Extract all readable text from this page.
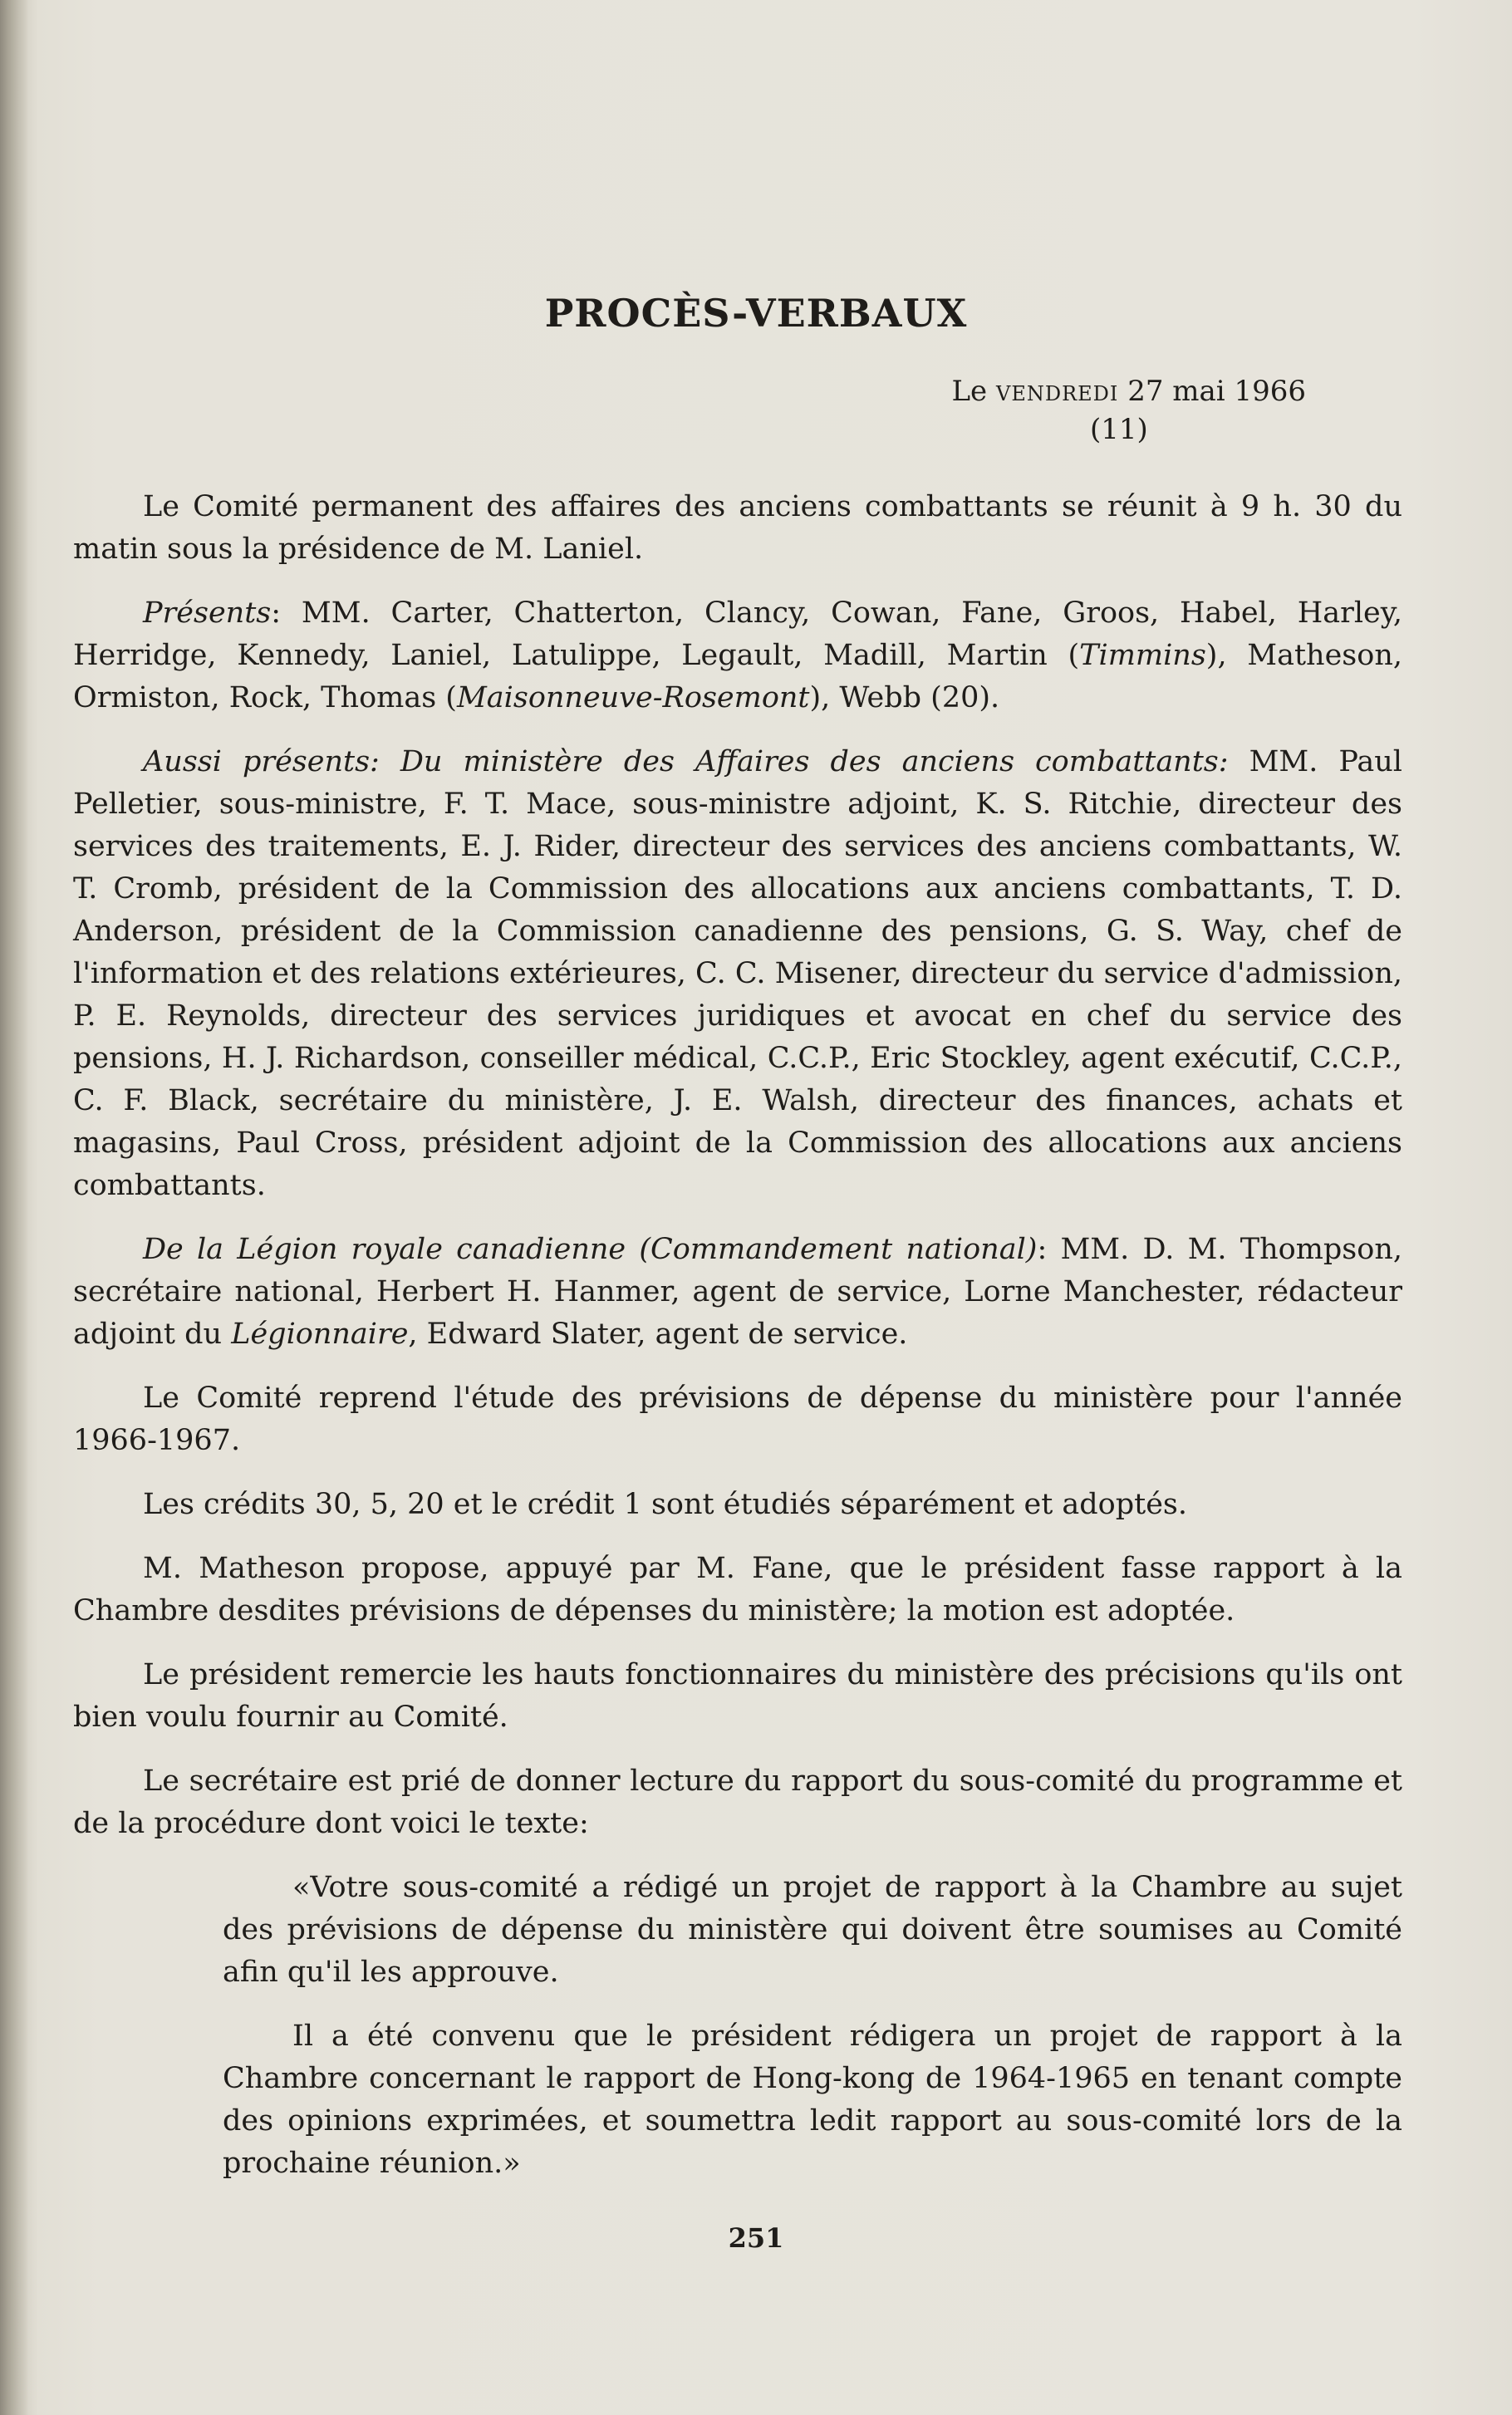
PROCÈS-VERBAUX
Le vendredi 27 mai 1966
(11)

Le Comité permanent des affaires des anciens combattants se réunit à 9 h. 30 du matin sous la présidence de M. Laniel.

Présents: MM. Carter, Chatterton, Clancy, Cowan, Fane, Groos, Habel, Harley, Herridge, Kennedy, Laniel, Latulippe, Legault, Madill, Martin (Timmins), Matheson, Ormiston, Rock, Thomas (Maisonneuve-Rosemont), Webb (20).

Aussi présents: Du ministère des Affaires des anciens combattants: MM. Paul Pelletier, sous-ministre, F. T. Mace, sous-ministre adjoint, K. S. Ritchie, directeur des services des traitements, E. J. Rider, directeur des services des anciens combattants, W. T. Cromb, président de la Commission des allocations aux anciens combattants, T. D. Anderson, président de la Commission canadienne des pensions, G. S. Way, chef de l'information et des relations extérieures, C. C. Misener, directeur du service d'admission, P. E. Reynolds, directeur des services juridiques et avocat en chef du service des pensions, H. J. Richardson, conseiller médical, C.C.P., Eric Stockley, agent exécutif, C.C.P., C. F. Black, secrétaire du ministère, J. E. Walsh, directeur des finances, achats et magasins, Paul Cross, président adjoint de la Commission des allocations aux anciens combattants.

De la Légion royale canadienne (Commandement national): MM. D. M. Thompson, secrétaire national, Herbert H. Hanmer, agent de service, Lorne Manchester, rédacteur adjoint du Légionnaire, Edward Slater, agent de service.

Le Comité reprend l'étude des prévisions de dépense du ministère pour l'année 1966-1967.

Les crédits 30, 5, 20 et le crédit 1 sont étudiés séparément et adoptés.

M. Matheson propose, appuyé par M. Fane, que le président fasse rapport à la Chambre desdites prévisions de dépenses du ministère; la motion est adoptée.

Le président remercie les hauts fonctionnaires du ministère des précisions qu'ils ont bien voulu fournir au Comité.

Le secrétaire est prié de donner lecture du rapport du sous-comité du programme et de la procédure dont voici le texte:

«Votre sous-comité a rédigé un projet de rapport à la Chambre au sujet des prévisions de dépense du ministère qui doivent être soumises au Comité afin qu'il les approuve.

Il a été convenu que le président rédigera un projet de rapport à la Chambre concernant le rapport de Hong-kong de 1964-1965 en tenant compte des opinions exprimées, et soumettra ledit rapport au sous-comité lors de la prochaine réunion.»

251
